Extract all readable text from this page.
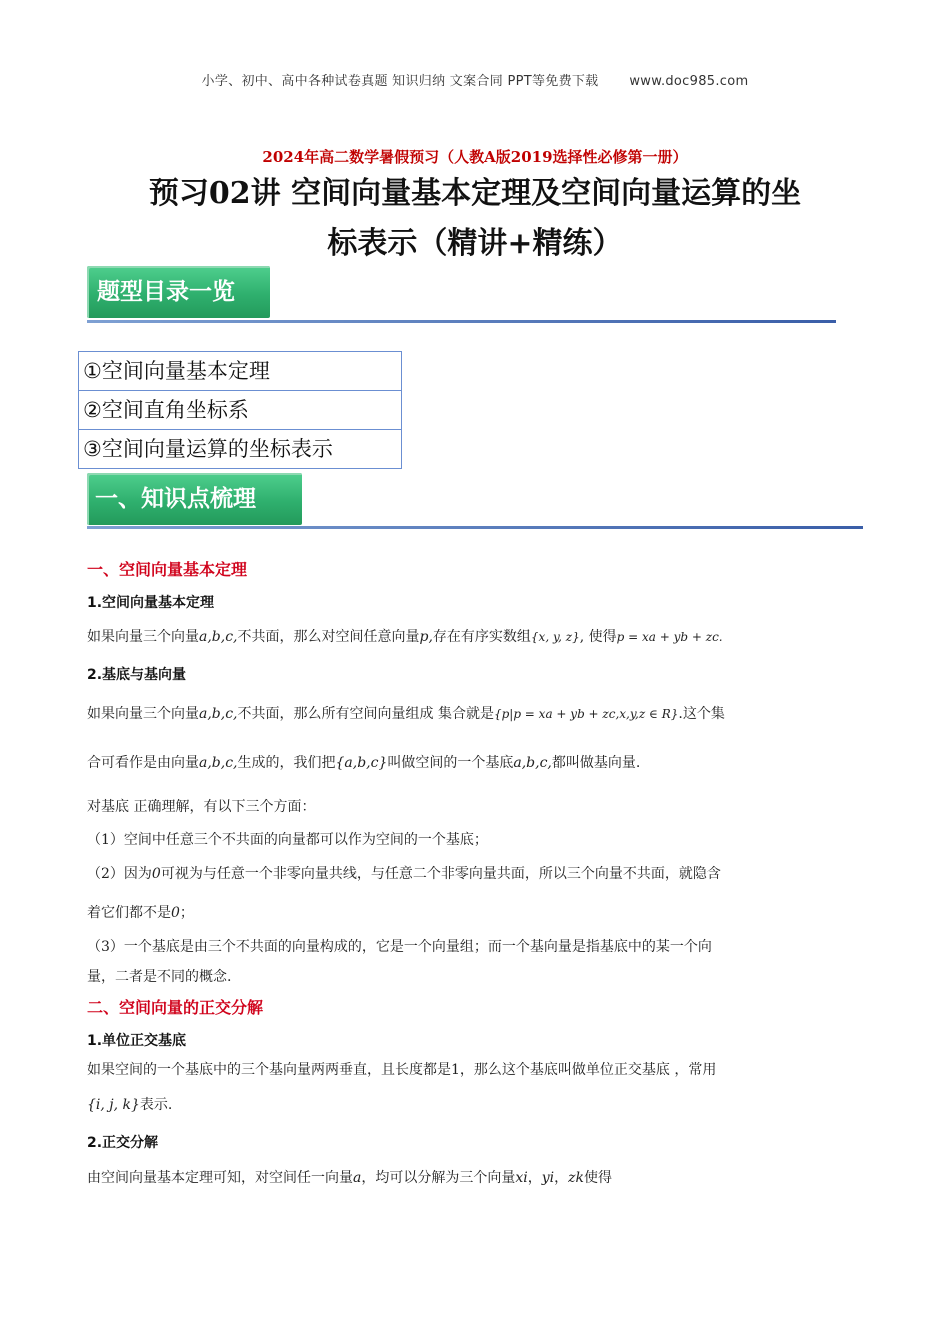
小学、初中、高中各种试卷真题 知识归纳 文案合同 PPT等免费下载 www.doc985.com
2024年高二数学暑假预习（人教A版2019选择性必修第一册）
预习02讲 空间向量基本定理及空间向量运算的坐
标表示（精讲+精练）
题型目录一览
①空间向量基本定理
②空间直角坐标系
③空间向量运算的坐标表示
一、知识点梳理
一、空间向量基本定理
1.空间向量基本定理
如果向量三个向量a,b,c,不共面，那么对空间任意向量p,存在有序实数组{x, y, z}, 使得p = xa + yb + zc.
2.基底与基向量
如果向量三个向量a,b,c,不共面，那么所有空间向量组成 集合就是{p|p = xa + yb + zc,x,y,z ∈ R}.这个集
合可看作是由向量a,b,c,生成的，我们把{a,b,c}叫做空间的一个基底a,b,c,都叫做基向量.
对基底 正确理解，有以下三个方面：
（1）空间中任意三个不共面的向量都可以作为空间的一个基底；
（2）因为0可视为与任意一个非零向量共线，与任意二个非零向量共面，所以三个向量不共面，就隐含
着它们都不是0；
（3）一个基底是由三个不共面的向量构成的，它是一个向量组；而一个基向量是指基底中的某一个向
量，二者是不同的概念.
二、空间向量的正交分解
1.单位正交基底
如果空间的一个基底中的三个基向量两两垂直，且长度都是1，那么这个基底叫做单位正交基底 ，常用
{i, j, k}表示.
2.正交分解
由空间向量基本定理可知，对空间任一向量a，均可以分解为三个向量xi，yi，zk使得
